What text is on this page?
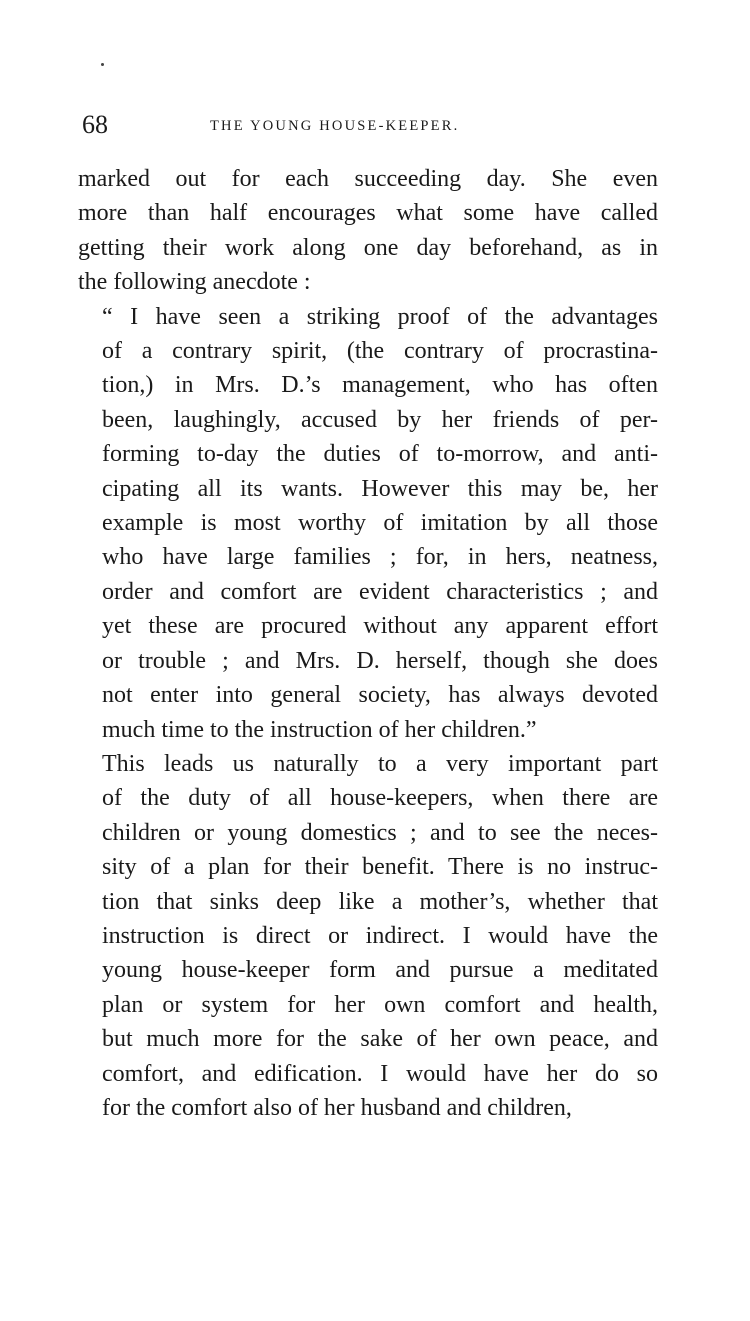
68	THE YOUNG HOUSE-KEEPER.

marked out for each succeeding day. She even
more than half encourages what some have called
getting their work along one day beforehand, as in
the following anecdote :

“ I have seen a striking proof of the advantages
of a contrary spirit, (the contrary of procrastina-
tion,) in Mrs. D.’s management, who has often
been, laughingly, accused by her friends of per-
forming to-day the duties of to-morrow, and anti-
cipating all its wants. However this may be, her
example is most worthy of imitation by all those
who have large families ; for, in hers, neatness,
order and comfort are evident characteristics ; and
yet these are procured without any apparent effort
or trouble ; and Mrs. D. herself, though she does
not enter into general society, has always devoted
much time to the instruction of her children.”

This leads us naturally to a very important part
of the duty of all house-keepers, when there are
children or young domestics ; and to see the neces-
sity of a plan for their benefit. There is no instruc-
tion that sinks deep like a mother’s, whether that
instruction is direct or indirect. I would have the
young house-keeper form and pursue a meditated
plan or system for her own comfort and health,
but much more for the sake of her own peace, and
comfort, and edification. I would have her do so
for the comfort also of her husband and children,
